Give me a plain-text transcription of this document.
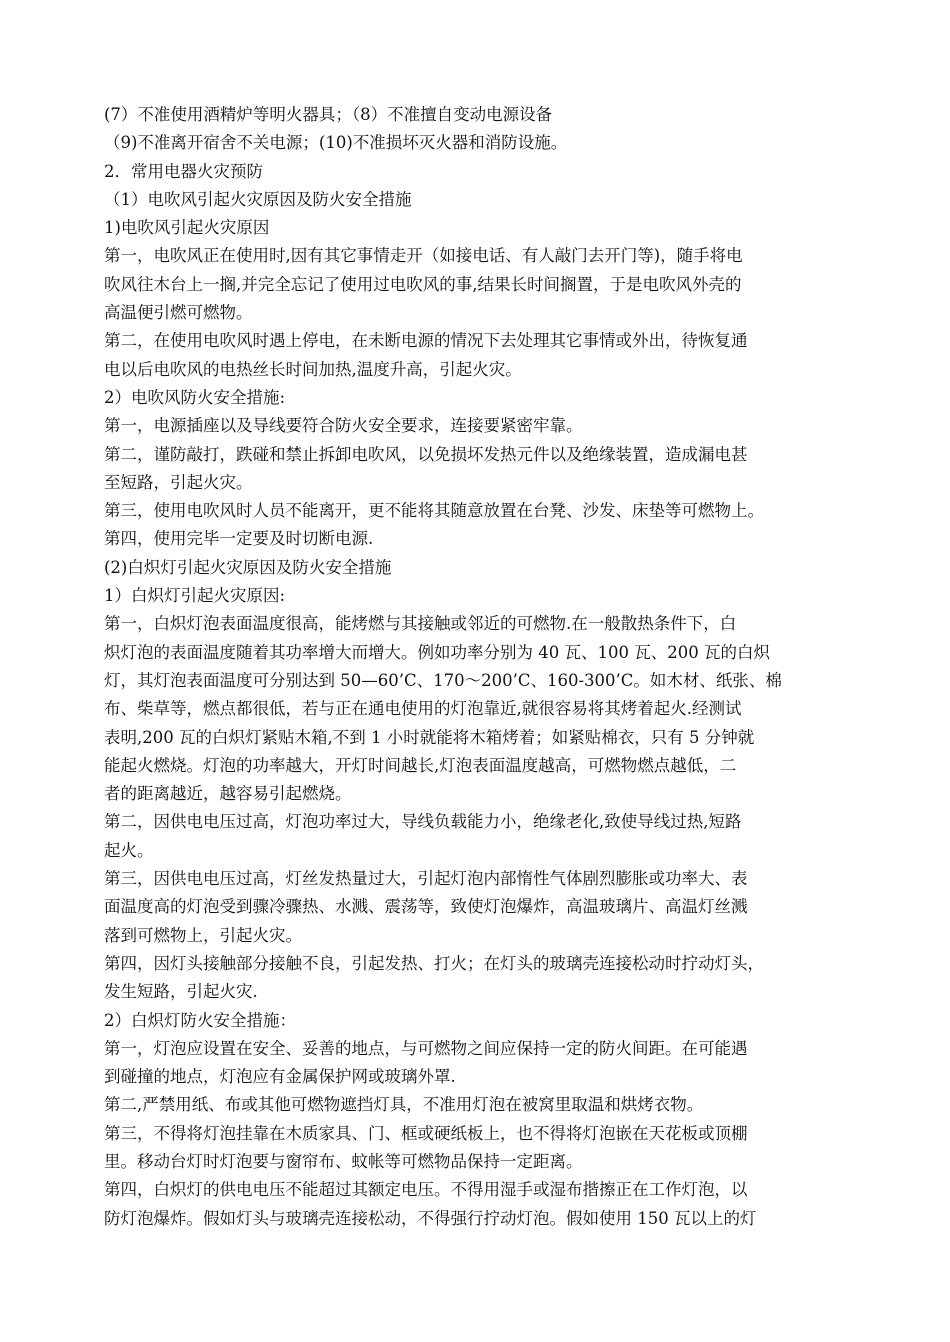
(7）不准使用酒精炉等明火器具；（8）不准擅自变动电源设备
（9)不准离开宿舍不关电源；(10)不准损坏灭火器和消防设施。
2．常用电器火灾预防
（1）电吹风引起火灾原因及防火安全措施
1)电吹风引起火灾原因
第一，电吹风正在使用时,因有其它事情走开（如接电话、有人敲门去开门等)，随手将电
吹风往木台上一搁,并完全忘记了使用过电吹风的事,结果长时间搁置，于是电吹风外壳的
高温便引燃可燃物。
第二，在使用电吹风时遇上停电，在未断电源的情况下去处理其它事情或外出，待恢复通
电以后电吹风的电热丝长时间加热,温度升高，引起火灾。
2）电吹风防火安全措施:
第一，电源插座以及导线要符合防火安全要求，连接要紧密牢靠。
第二，谨防敲打，跌碰和禁止拆卸电吹风，以免损坏发热元件以及绝缘装置，造成漏电甚
至短路，引起火灾。
第三，使用电吹风时人员不能离开，更不能将其随意放置在台凳、沙发、床垫等可燃物上。
第四，使用完毕一定要及时切断电源.
(2)白炽灯引起火灾原因及防火安全措施
1）白炽灯引起火灾原因:
第一，白炽灯泡表面温度很高，能烤燃与其接触或邻近的可燃物.在一般散热条件下，白
炽灯泡的表面温度随着其功率增大而增大。例如功率分别为 40 瓦、100 瓦、200 瓦的白炽
灯，其灯泡表面温度可分别达到 50—60’C、170～200’C、160-300’C。如木材、纸张、棉
布、柴草等，燃点都很低，若与正在通电使用的灯泡靠近,就很容易将其烤着起火.经测试
表明,200 瓦的白炽灯紧贴木箱,不到 1 小时就能将木箱烤着；如紧贴棉衣，只有 5 分钟就
能起火燃烧。灯泡的功率越大，开灯时间越长,灯泡表面温度越高，可燃物燃点越低，二
者的距离越近，越容易引起燃烧。
第二，因供电电压过高，灯泡功率过大，导线负载能力小，绝缘老化,致使导线过热,短路
起火。
第三，因供电电压过高，灯丝发热量过大，引起灯泡内部惰性气体剧烈膨胀或功率大、表
面温度高的灯泡受到骤冷骤热、水溅、震荡等，致使灯泡爆炸，高温玻璃片、高温灯丝溅
落到可燃物上，引起火灾。
第四，因灯头接触部分接触不良，引起发热、打火；在灯头的玻璃壳连接松动时拧动灯头，
发生短路，引起火灾.
2）白炽灯防火安全措施：
第一，灯泡应设置在安全、妥善的地点，与可燃物之间应保持一定的防火间距。在可能遇
到碰撞的地点，灯泡应有金属保护网或玻璃外罩.
第二,严禁用纸、布或其他可燃物遮挡灯具，不准用灯泡在被窝里取温和烘烤衣物。
第三，不得将灯泡挂靠在木质家具、门、框或硬纸板上，也不得将灯泡嵌在天花板或顶棚
里。移动台灯时灯泡要与窗帘布、蚊帐等可燃物品保持一定距离。
第四，白炽灯的供电电压不能超过其额定电压。不得用湿手或湿布揩擦正在工作灯泡，以
防灯泡爆炸。假如灯头与玻璃壳连接松动，不得强行拧动灯泡。假如使用 150 瓦以上的灯
